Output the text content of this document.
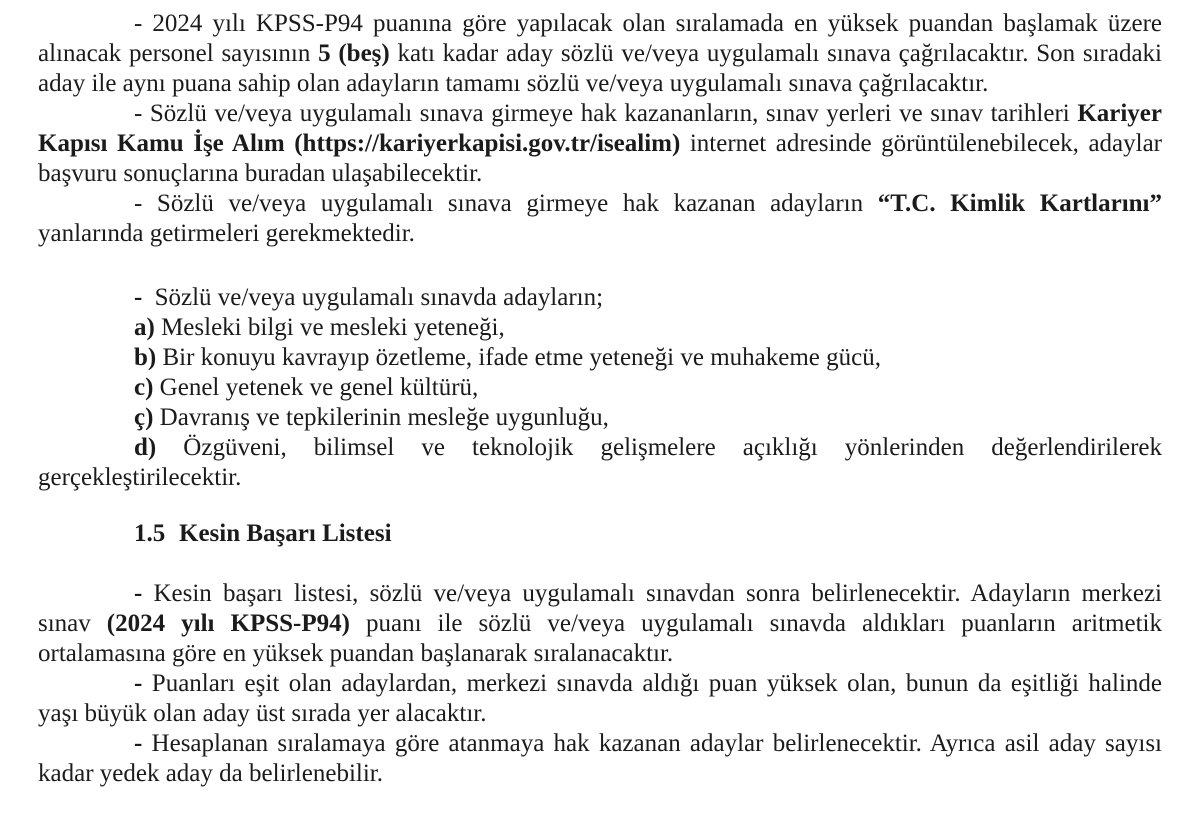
- 2024 yılı KPSS-P94 puanına göre yapılacak olan sıralamada en yüksek puandan başlamak üzere alınacak personel sayısının 5 (beş) katı kadar aday sözlü ve/veya uygulamalı sınava çağrılacaktır. Son sıradaki aday ile aynı puana sahip olan adayların tamamı sözlü ve/veya uygulamalı sınava çağrılacaktır.

- Sözlü ve/veya uygulamalı sınava girmeye hak kazananların, sınav yerleri ve sınav tarihleri Kariyer Kapısı Kamu İşe Alım (https://kariyerkapisi.gov.tr/isealim) internet adresinde görüntülenebilecek, adaylar başvuru sonuçlarına buradan ulaşabilecektir.

- Sözlü ve/veya uygulamalı sınava girmeye hak kazanan adayların “T.C. Kimlik Kartlarını” yanlarında getirmeleri gerekmektedir.

- Sözlü ve/veya uygulamalı sınavda adayların;

a) Mesleki bilgi ve mesleki yeteneği,

b) Bir konuyu kavrayıp özetleme, ifade etme yeteneği ve muhakeme gücü,

c) Genel yetenek ve genel kültürü,

ç) Davranış ve tepkilerinin mesleğe uygunluğu,

d) Özgüveni, bilimsel ve teknolojik gelişmelere açıklığı yönlerinden değerlendirilerek gerçekleştirilecektir.

1.5 Kesin Başarı Listesi

- Kesin başarı listesi, sözlü ve/veya uygulamalı sınavdan sonra belirlenecektir. Adayların merkezi sınav (2024 yılı KPSS-P94) puanı ile sözlü ve/veya uygulamalı sınavda aldıkları puanların aritmetik ortalamasına göre en yüksek puandan başlanarak sıralanacaktır.

- Puanları eşit olan adaylardan, merkezi sınavda aldığı puan yüksek olan, bunun da eşitliği halinde yaşı büyük olan aday üst sırada yer alacaktır.

- Hesaplanan sıralamaya göre atanmaya hak kazanan adaylar belirlenecektir. Ayrıca asil aday sayısı kadar yedek aday da belirlenebilir.
